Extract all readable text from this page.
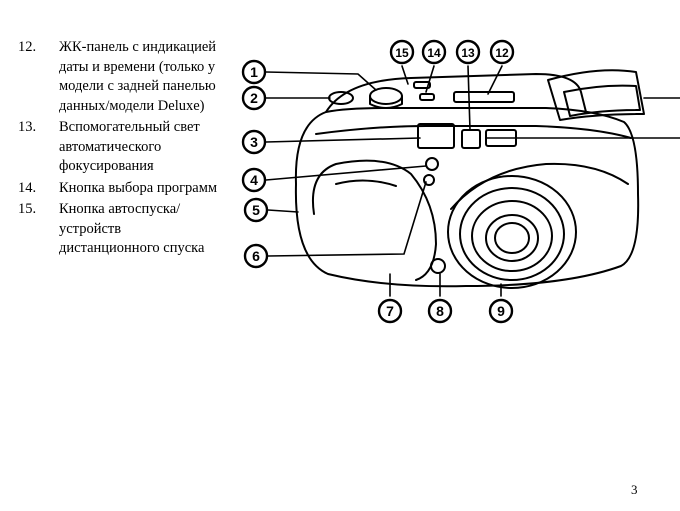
12. ЖК-панель с индикацией даты и времени (только у модели с задней панелью данных/модели Deluxe)
13. Вспомогательный свет автоматического фокусирования
14. Кнопка выбора программ
15. Кнопка автоспуска/устройств дистанционного спуска
1
2
3
4
5
6
7	8	9
15 14 13 12
3
